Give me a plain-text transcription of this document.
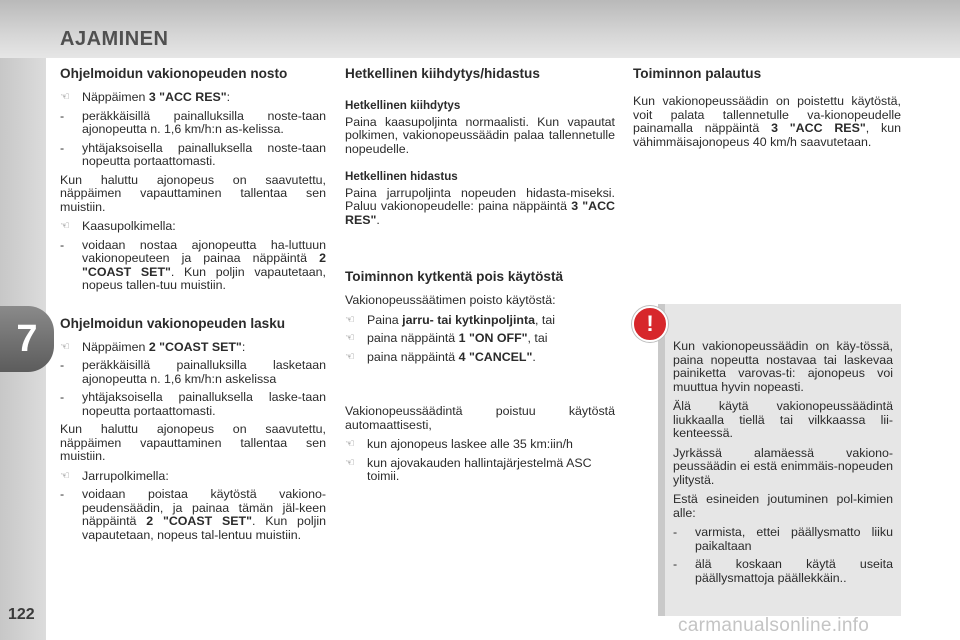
AJAMINEN
7
122
Ohjelmoidun vakionopeuden nosto
☜ Näppäimen 3 "ACC RES":
-	peräkkäisillä painalluksilla noste-taan ajonopeutta n. 1,6 km/h:n as-kelissa.
-	yhtäjaksoisella painalluksella noste-taan nopeutta portaattomasti.

Kun haluttu ajonopeus on saavutettu, näppäimen vapauttaminen tallentaa sen muistiin.

☜ Kaasupolkimella:
-	voidaan nostaa ajonopeutta ha-luttuun vakionopeuteen ja painaa näppäintä 2 "COAST SET". Kun poljin vapautetaan, nopeus tallen-tuu muistiin.
Ohjelmoidun vakionopeuden lasku
☜ Näppäimen 2 "COAST SET":
-	peräkkäisillä painalluksilla lasketaan ajonopeutta n. 1,6 km/h:n askelissa
-	yhtäjaksoisella painalluksella laske-taan nopeutta portaattomasti.

Kun haluttu ajonopeus on saavutettu, näppäimen vapauttaminen tallentaa sen muistiin.

☜ Jarrupolkimella:
-	voidaan poistaa käytöstä vakiono-peudensäädin, ja painaa tämän jäl-keen näppäintä 2 "COAST SET". Kun poljin vapautetaan, nopeus tal-lentuu muistiin.
Hetkellinen kiihdytys/hidastus
Hetkellinen kiihdytys

Paina kaasupoljinta normaalisti. Kun vapautat polkimen, vakionopeussäädin palaa tallennetulle nopeudelle.

Hetkellinen hidastus

Paina jarrupoljinta nopeuden hidasta-miseksi. Paluu vakionopeudelle: paina näppäintä 3 "ACC RES".

Toiminnon kytkentä pois käytöstä

Vakionopeussäätimen poisto käytöstä:

☜ Paina jarru- tai kytkinpoljinta, tai
☜ paina näppäintä 1 "ON OFF", tai
☜ paina näppäintä 4 "CANCEL".

Vakionopeussäädintä poistuu käytöstä automaattisesti,

☜ kun ajonopeus laskee alle 35 km:iin/h
☜ kun ajovakauden hallintajärjestelmä ASC toimii.
Toiminnon palautus

Kun vakionopeussäädin on poistettu käytöstä, voit palata tallennetulle va-kionopeudelle painamalla näppäintä 3 "ACC RES", kun vähimmäisajonopeus 40 km/h saavutetaan.

!

Kun vakionopeussäädin on käy-tössä, paina nopeutta nostavaa tai laskevaa painiketta varovas-ti: ajonopeus voi muuttua hyvin nopeasti.

Älä käytä vakionopeussäädintä liukkaalla tiellä tai vilkkaassa lii-kenteessä.

Jyrkässä alamäessä vakiono-peussäädin ei estä enimmäis-nopeuden ylitystä.

Estä esineiden joutuminen pol-kimien alle:

-	varmista, ettei päällysmatto liiku paikaltaan
-	älä koskaan käytä useita päällysmattoja päällekkäin..
carmanualsonline.info
